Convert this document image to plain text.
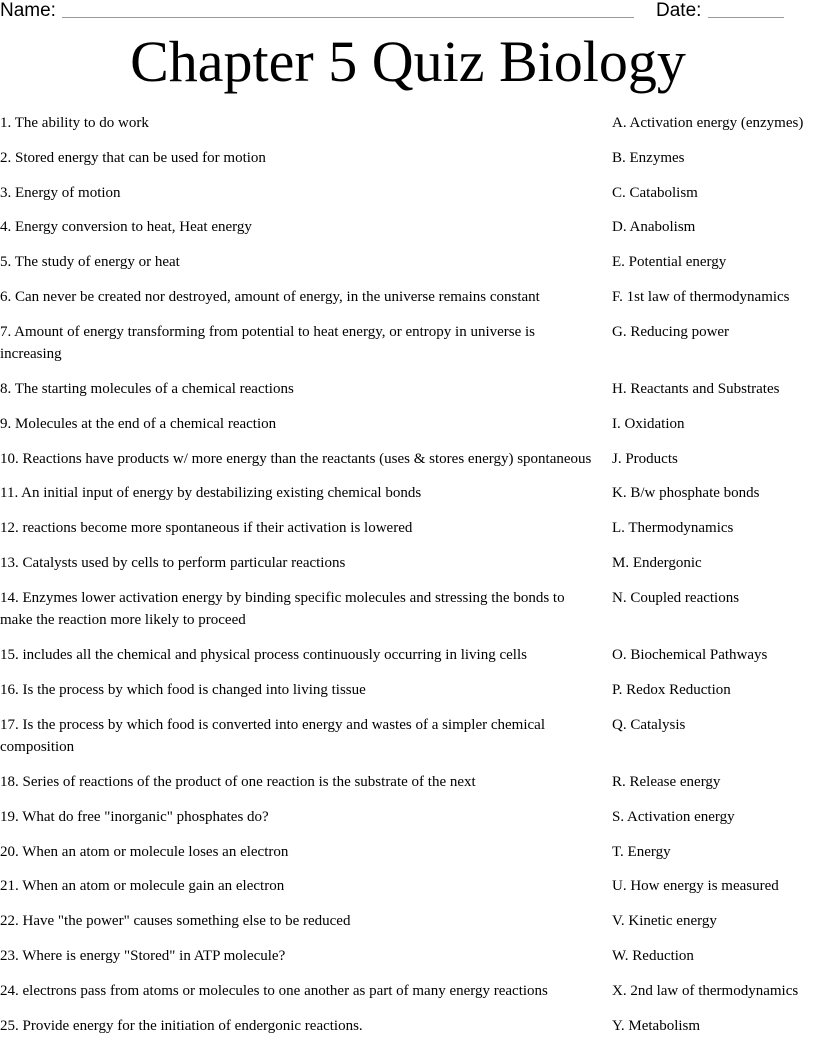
Name:	Date:
Chapter 5 Quiz Biology
1. The ability to do work	A. Activation energy (enzymes)
2. Stored energy that can be used for motion	B. Enzymes
3. Energy of motion	C. Catabolism
4. Energy conversion to heat, Heat energy	D. Anabolism
5. The study of energy or heat	E. Potential energy
6. Can never be created nor destroyed, amount of energy, in the universe remains constant	F. 1st law of thermodynamics
7. Amount of energy transforming from potential to heat energy, or entropy in universe is increasing
G. Reducing power
8. The starting molecules of a chemical reactions	H. Reactants and Substrates
9. Molecules at the end of a chemical reaction	I. Oxidation
10. Reactions have products w/ more energy than the reactants (uses & stores energy) spontaneous	J. Products
11. An initial input of energy by destabilizing existing chemical bonds	K. B/w phosphate bonds
12. reactions become more spontaneous if their activation is lowered	L. Thermodynamics
13. Catalysts used by cells to perform particular reactions	M. Endergonic
14. Enzymes lower activation energy by binding specific molecules and stressing the bonds to make the reaction more likely to proceed
N. Coupled reactions
15. includes all the chemical and physical process continuously occurring in living cells	O. Biochemical Pathways
16. Is the process by which food is changed into living tissue	P. Redox Reduction
17. Is the process by which food is converted into energy and wastes of a simpler chemical composition
Q. Catalysis
18. Series of reactions of the product of one reaction is the substrate of the next	R. Release energy
19. What do free "inorganic" phosphates do?	S. Activation energy
20. When an atom or molecule loses an electron	T. Energy
21. When an atom or molecule gain an electron	U. How energy is measured
22. Have "the power" causes something else to be reduced	V. Kinetic energy
23. Where is energy "Stored" in ATP molecule?	W. Reduction
24. electrons pass from atoms or molecules to one another as part of many energy reactions	X. 2nd law of thermodynamics
25. Provide energy for the initiation of endergonic reactions.	Y. Metabolism
